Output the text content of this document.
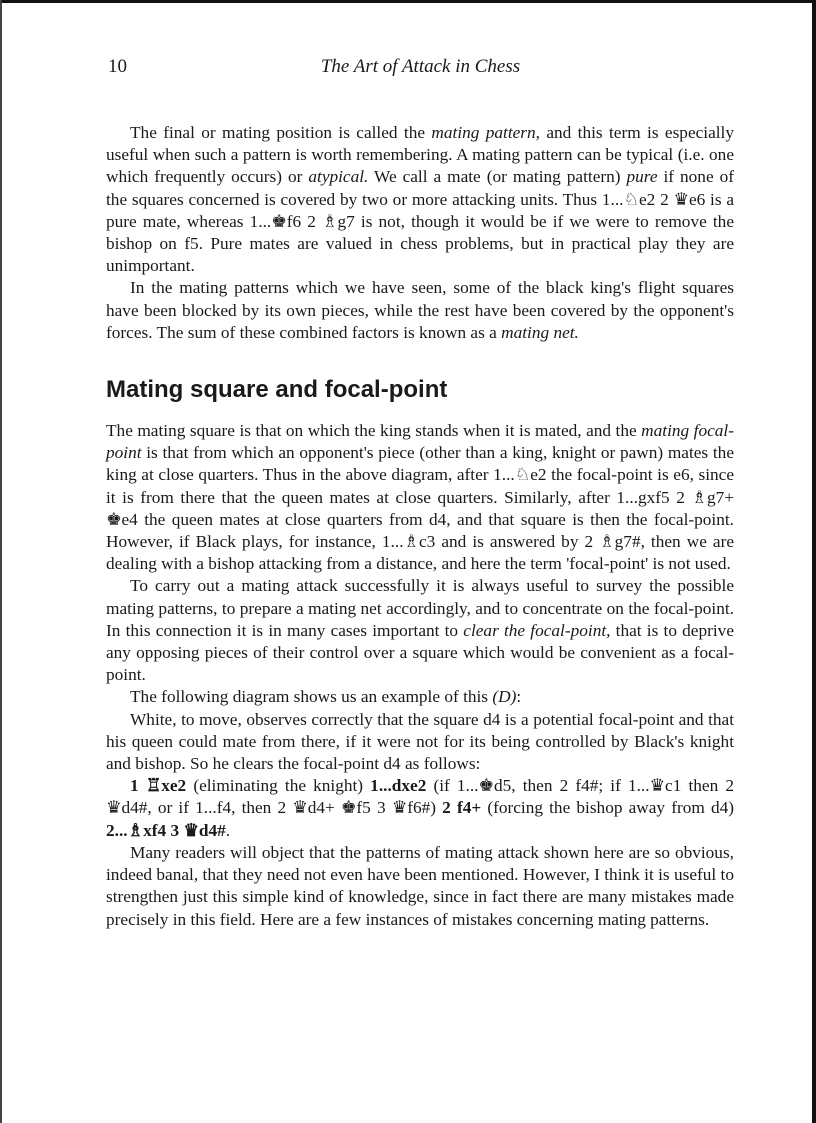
10	The Art of Attack in Chess

The final or mating position is called the mating pattern, and this term is especially useful when such a pattern is worth remembering. A mating pattern can be typical (i.e. one which frequently occurs) or atypical. We call a mate (or mating pattern) pure if none of the squares concerned is covered by two or more attacking units. Thus 1...♘e2 2 ♛e6 is a pure mate, whereas 1...♚f6 2 ♗g7 is not, though it would be if we were to remove the bishop on f5. Pure mates are valued in chess problems, but in practical play they are unimportant.

In the mating patterns which we have seen, some of the black king's flight squares have been blocked by its own pieces, while the rest have been covered by the opponent's forces. The sum of these combined factors is known as a mating net.

Mating square and focal-point

The mating square is that on which the king stands when it is mated, and the mating focal-point is that from which an opponent's piece (other than a king, knight or pawn) mates the king at close quarters. Thus in the above diagram, after 1...♘e2 the focal-point is e6, since it is from there that the queen mates at close quarters. Similarly, after 1...gxf5 2 ♗g7+ ♚e4 the queen mates at close quarters from d4, and that square is then the focal-point. However, if Black plays, for instance, 1...♗c3 and is answered by 2 ♗g7#, then we are dealing with a bishop attacking from a distance, and here the term 'focal-point' is not used.

To carry out a mating attack successfully it is always useful to survey the possible mating patterns, to prepare a mating net accordingly, and to concentrate on the focal-point. In this connection it is in many cases important to clear the focal-point, that is to deprive any opposing pieces of their control over a square which would be convenient as a focal-point.

The following diagram shows us an example of this (D):

White, to move, observes correctly that the square d4 is a potential focal-point and that his queen could mate from there, if it were not for its being controlled by Black's knight and bishop. So he clears the focal-point d4 as follows:

1 ♖xe2 (eliminating the knight) 1...dxe2 (if 1...♚d5, then 2 f4#; if 1...♛c1 then 2 ♛d4#, or if 1...f4, then 2 ♛d4+ ♚f5 3 ♛f6#) 2 f4+ (forcing the bishop away from d4) 2...♗xf4 3 ♛d4#.

Many readers will object that the patterns of mating attack shown here are so obvious, indeed banal, that they need not even have been mentioned. However, I think it is useful to strengthen just this simple kind of knowledge, since in fact there are many mistakes made precisely in this field. Here are a few instances of mistakes concerning mating patterns.
